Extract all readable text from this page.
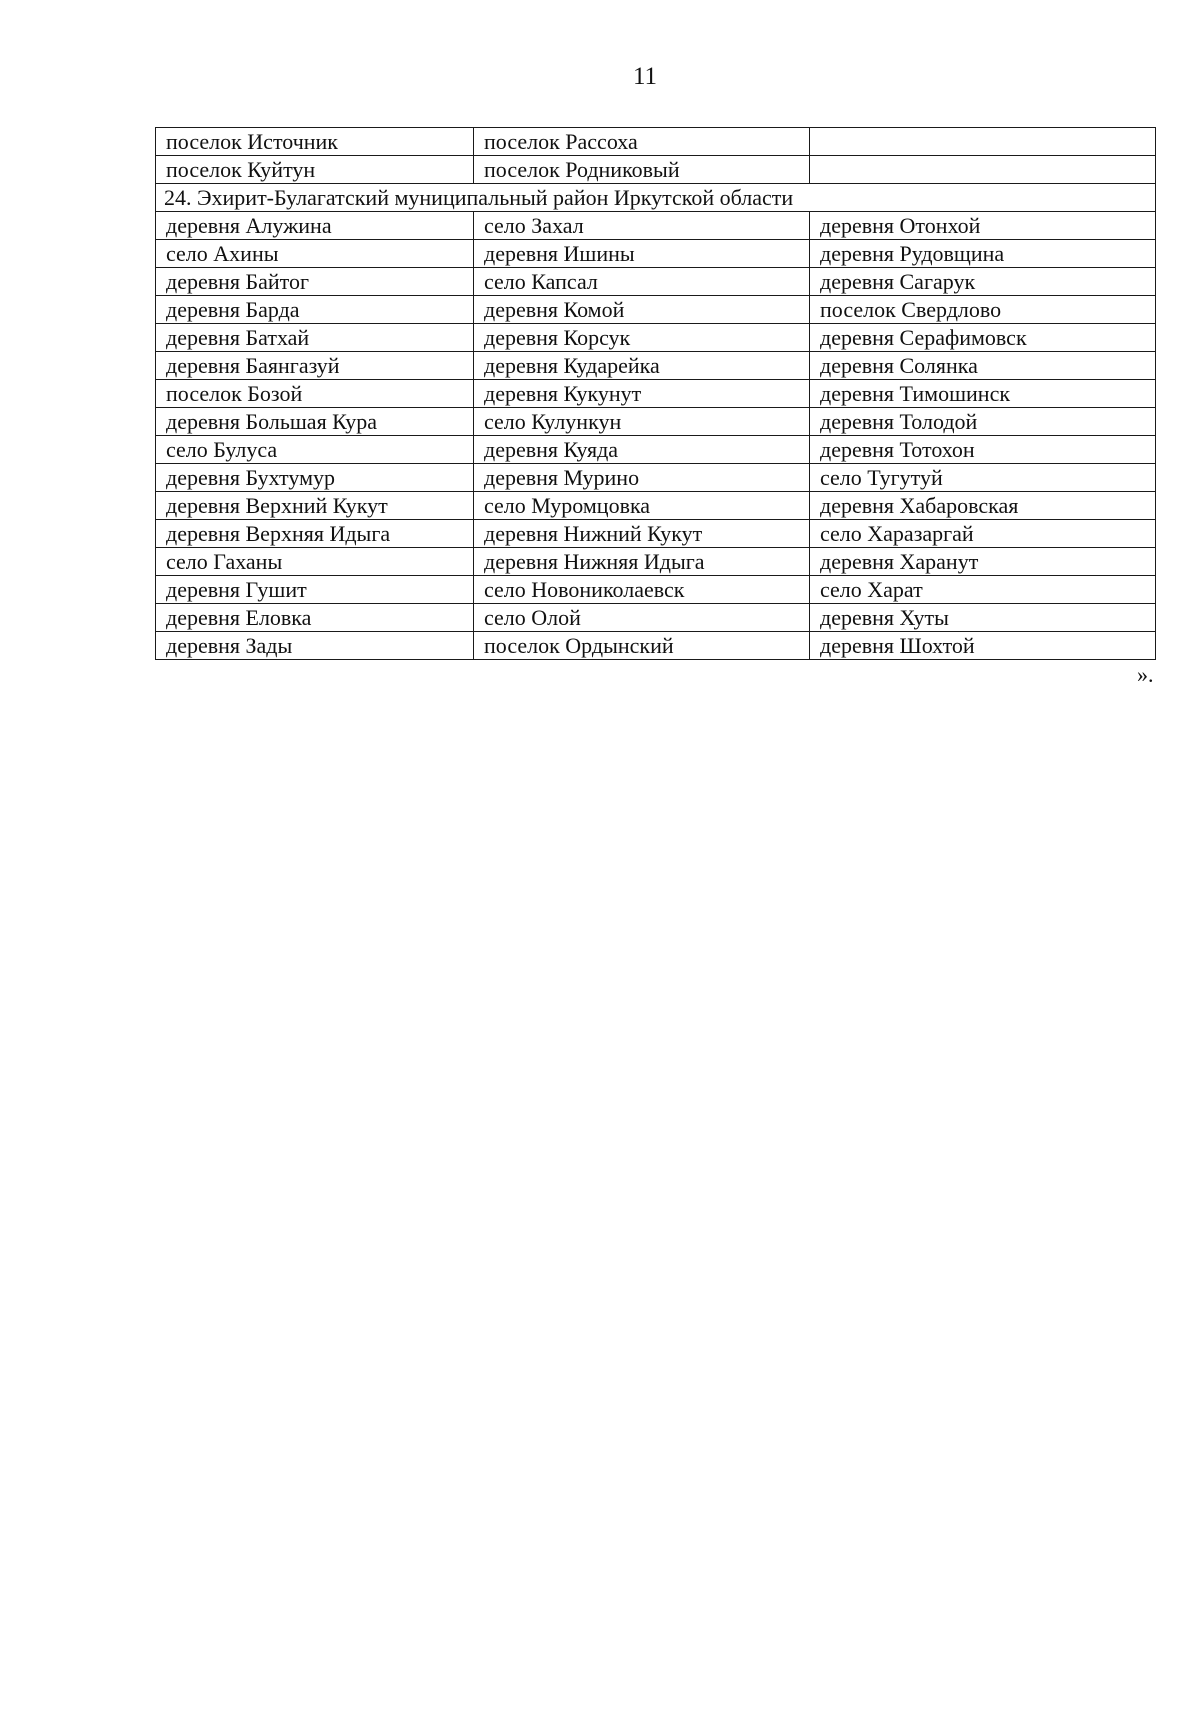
11
поселок Источник	поселок Рассоха	
поселок Куйтун	поселок Родниковый	
24. Эхирит-Булагатский муниципальный район Иркутской области		
деревня Алужина	село Захал	деревня Отонхой
село Ахины	деревня Ишины	деревня Рудовщина
деревня Байтог	село Капсал	деревня Сагарук
деревня Барда	деревня Комой	поселок Свердлово
деревня Батхай	деревня Корсук	деревня Серафимовск
деревня Баянгазуй	деревня Кударейка	деревня Солянка
поселок Бозой	деревня Кукунут	деревня Тимошинск
деревня Большая Кура	село Кулункун	деревня Толодой
село Булуса	деревня Куяда	деревня Тотохон
деревня Бухтумур	деревня Мурино	село Тугутуй
деревня Верхний Кукут	село Муромцовка	деревня Хабаровская
деревня Верхняя Идыга	деревня Нижний Кукут	село Харазаргай
село Гаханы	деревня Нижняя Идыга	деревня Харанут
деревня Гушит	село Новониколаевск	село Харат
деревня Еловка	село Олой	деревня Хуты
деревня Зады	поселок Ордынский	деревня Шохтой
».
